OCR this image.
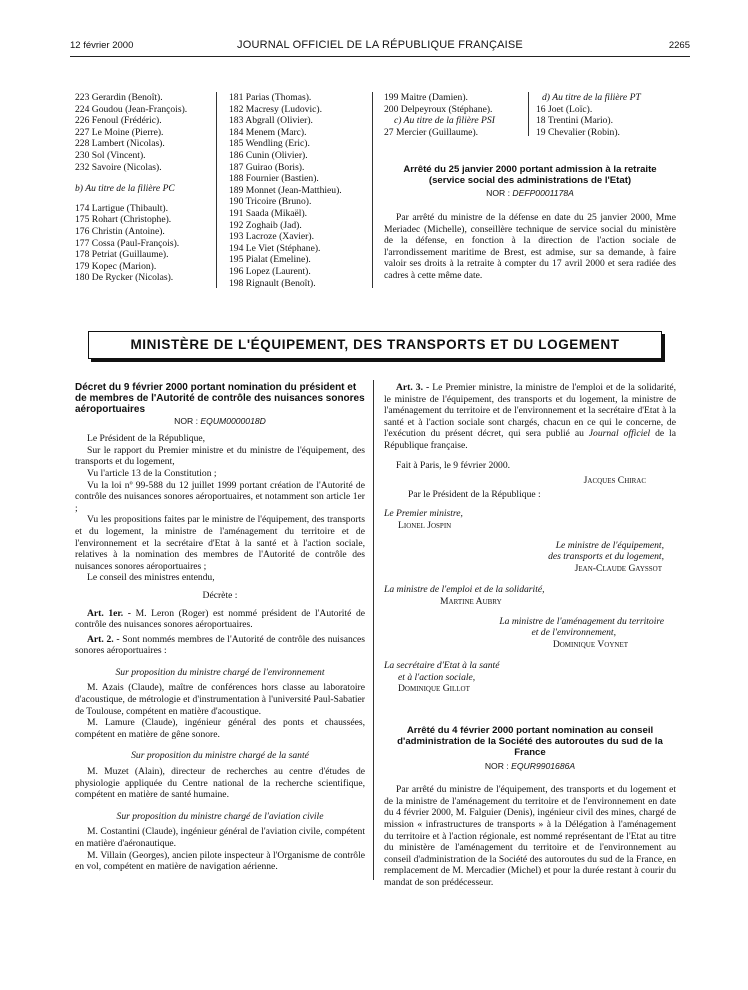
12 février 2000	JOURNAL OFFICIEL DE LA RÉPUBLIQUE FRANÇAISE	2265
223 Gerardin (Benoît).
224 Goudou (Jean-François).
226 Fenoul (Frédéric).
227 Le Moine (Pierre).
228 Lambert (Nicolas).
230 Sol (Vincent).
232 Savoire (Nicolas).
b) Au titre de la filière PC
174 Lartigue (Thibault).
175 Rohart (Christophe).
176 Christin (Antoine).
177 Cossa (Paul-François).
178 Petriat (Guillaume).
179 Kopec (Marion).
180 De Rycker (Nicolas).
181 Parias (Thomas).
182 Macresy (Ludovic).
183 Abgrall (Olivier).
184 Menem (Marc).
185 Wendling (Eric).
186 Cunin (Olivier).
187 Guirao (Boris).
188 Fournier (Bastien).
189 Monnet (Jean-Matthieu).
190 Tricoire (Bruno).
191 Saada (Mikaël).
192 Zoghaib (Jad).
193 Lacroze (Xavier).
194 Le Viet (Stéphane).
195 Pialat (Emeline).
196 Lopez (Laurent).
198 Rignault (Benoît).
199 Maitre (Damien).
200 Delpeyroux (Stéphane).
c) Au titre de la filière PSI
27 Mercier (Guillaume).
d) Au titre de la filière PT
16 Joet (Loïc).
18 Trentini (Mario).
19 Chevalier (Robin).
Arrêté du 25 janvier 2000 portant admission à la retraite (service social des administrations de l'Etat)
NOR : DEFP0001178A

Par arrêté du ministre de la défense en date du 25 janvier 2000, Mme Meriadec (Michelle), conseillère technique de service social du ministère de la défense, en fonction à la direction de l'action sociale de l'arrondissement maritime de Brest, est admise, sur sa demande, à faire valoir ses droits à la retraite à compter du 17 avril 2000 et sera radiée des cadres à cette même date.

MINISTÈRE DE L'ÉQUIPEMENT, DES TRANSPORTS ET DU LOGEMENT
Décret du 9 février 2000 portant nomination du président et de membres de l'Autorité de contrôle des nuisances sonores aéroportuaires
NOR : EQUM0000018D

Le Président de la République,

Sur le rapport du Premier ministre et du ministre de l'équipement, des transports et du logement,

Vu l'article 13 de la Constitution ;

Vu la loi nº 99-588 du 12 juillet 1999 portant création de l'Autorité de contrôle des nuisances sonores aéroportuaires, et notamment son article 1er ;

Vu les propositions faites par le ministre de l'équipement, des transports et du logement, la ministre de l'aménagement du territoire et de l'environnement et la secrétaire d'Etat à la santé et à l'action sociale, relatives à la nomination des membres de l'Autorité de contrôle des nuisances sonores aéroportuaires ;

Le conseil des ministres entendu,

Décrète :

Art. 1er. - M. Leron (Roger) est nommé président de l'Autorité de contrôle des nuisances sonores aéroportuaires.

Art. 2. - Sont nommés membres de l'Autorité de contrôle des nuisances sonores aéroportuaires :

Sur proposition du ministre chargé de l'environnement

M. Azais (Claude), maître de conférences hors classe au laboratoire d'acoustique, de métrologie et d'instrumentation à l'université Paul-Sabatier de Toulouse, compétent en matière d'acoustique.

M. Lamure (Claude), ingénieur général des ponts et chaussées, compétent en matière de gêne sonore.

Sur proposition du ministre chargé de la santé

M. Muzet (Alain), directeur de recherches au centre d'études de physiologie appliquée du Centre national de la recherche scientifique, compétent en matière de santé humaine.

Sur proposition du ministre chargé de l'aviation civile

M. Costantini (Claude), ingénieur général de l'aviation civile, compétent en matière d'aéronautique.

M. Villain (Georges), ancien pilote inspecteur à l'Organisme de contrôle en vol, compétent en matière de navigation aérienne.

Art. 3. - Le Premier ministre, la ministre de l'emploi et de la solidarité, le ministre de l'équipement, des transports et du logement, la ministre de l'aménagement du territoire et de l'environnement et la secrétaire d'Etat à la santé et à l'action sociale sont chargés, chacun en ce qui le concerne, de l'exécution du présent décret, qui sera publié au Journal officiel de la République française.

Fait à Paris, le 9 février 2000.

Jacques Chirac

Par le Président de la République :

Le Premier ministre,

Lionel Jospin

Le ministre de l'équipement,

des transports et du logement,

Jean-Claude Gayssot

La ministre de l'emploi et de la solidarité,

Martine Aubry

La ministre de l'aménagement du territoire

et de l'environnement,

Dominique Voynet

La secrétaire d'Etat à la santé

et à l'action sociale,

Dominique Gillot

Arrêté du 4 février 2000 portant nomination au conseil d'administration de la Société des autoroutes du sud de la France
NOR : EQUR9901686A

Par arrêté du ministre de l'équipement, des transports et du logement et de la ministre de l'aménagement du territoire et de l'environnement en date du 4 février 2000, M. Falguier (Denis), ingénieur civil des mines, chargé de mission « infrastructures de transports » à la Délégation à l'aménagement du territoire et à l'action régionale, est nommé représentant de l'Etat au titre du ministère de l'aménagement du territoire et de l'environnement au conseil d'administration de la Société des autoroutes du sud de la France, en remplacement de M. Mercadier (Michel) et pour la durée restant à courir du mandat de son prédécesseur.
